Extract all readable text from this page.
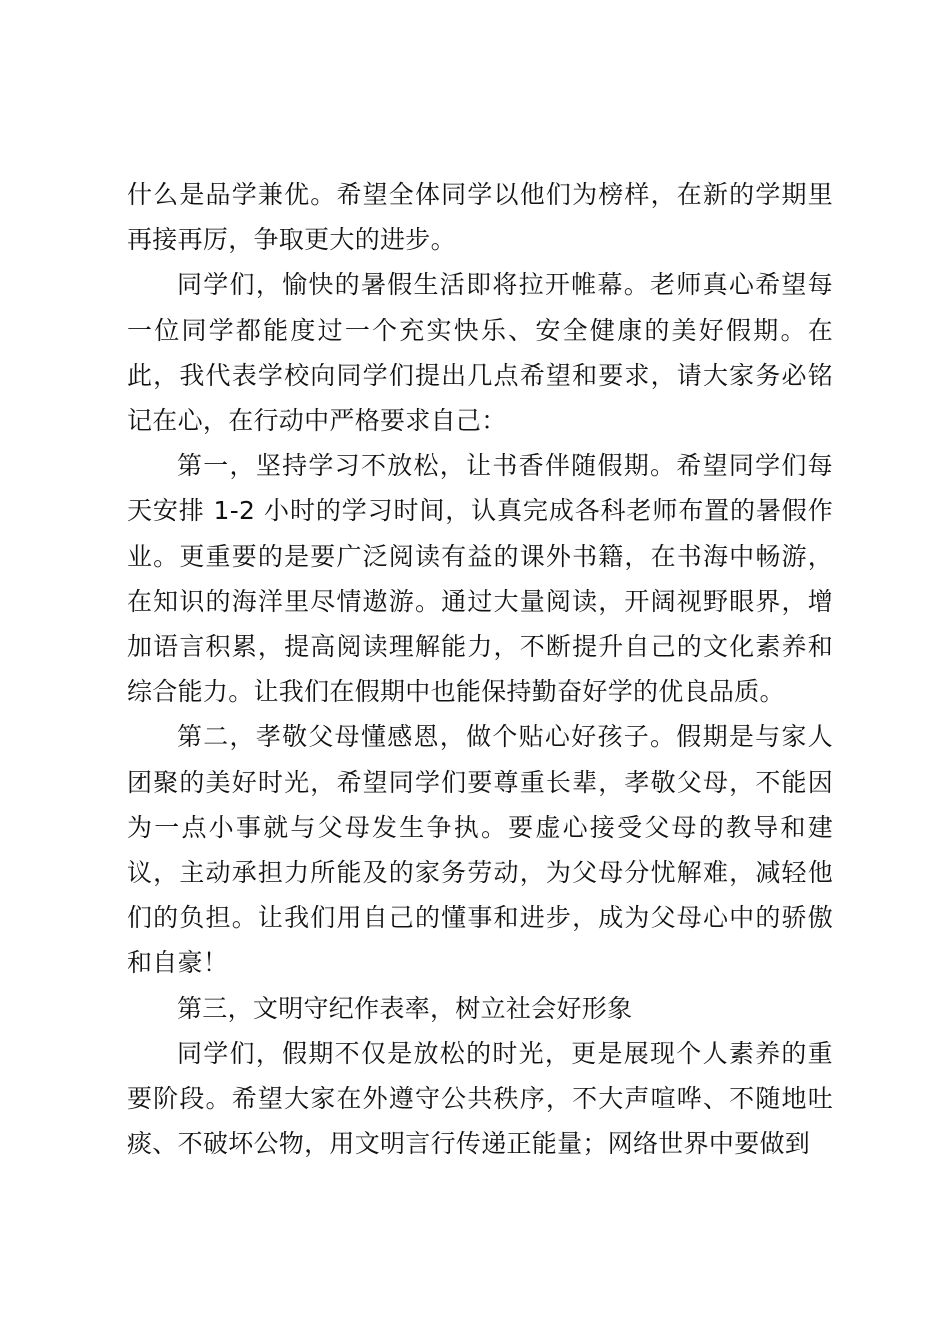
什么是品学兼优。希望全体同学以他们为榜样，在新的学期里再接再厉，争取更大的进步。

同学们，愉快的暑假生活即将拉开帷幕。老师真心希望每一位同学都能度过一个充实快乐、安全健康的美好假期。在此，我代表学校向同学们提出几点希望和要求，请大家务必铭记在心，在行动中严格要求自己：

第一，坚持学习不放松，让书香伴随假期。希望同学们每天安排 1-2 小时的学习时间，认真完成各科老师布置的暑假作业。更重要的是要广泛阅读有益的课外书籍，在书海中畅游，在知识的海洋里尽情遨游。通过大量阅读，开阔视野眼界，增加语言积累，提高阅读理解能力，不断提升自己的文化素养和综合能力。让我们在假期中也能保持勤奋好学的优良品质。

第二，孝敬父母懂感恩，做个贴心好孩子。假期是与家人团聚的美好时光，希望同学们要尊重长辈，孝敬父母，不能因为一点小事就与父母发生争执。要虚心接受父母的教导和建议，主动承担力所能及的家务劳动，为父母分忧解难，减轻他们的负担。让我们用自己的懂事和进步，成为父母心中的骄傲和自豪！

第三，文明守纪作表率，树立社会好形象

同学们，假期不仅是放松的时光，更是展现个人素养的重要阶段。希望大家在外遵守公共秩序，不大声喧哗、不随地吐痰、不破坏公物，用文明言行传递正能量；网络世界中要做到
